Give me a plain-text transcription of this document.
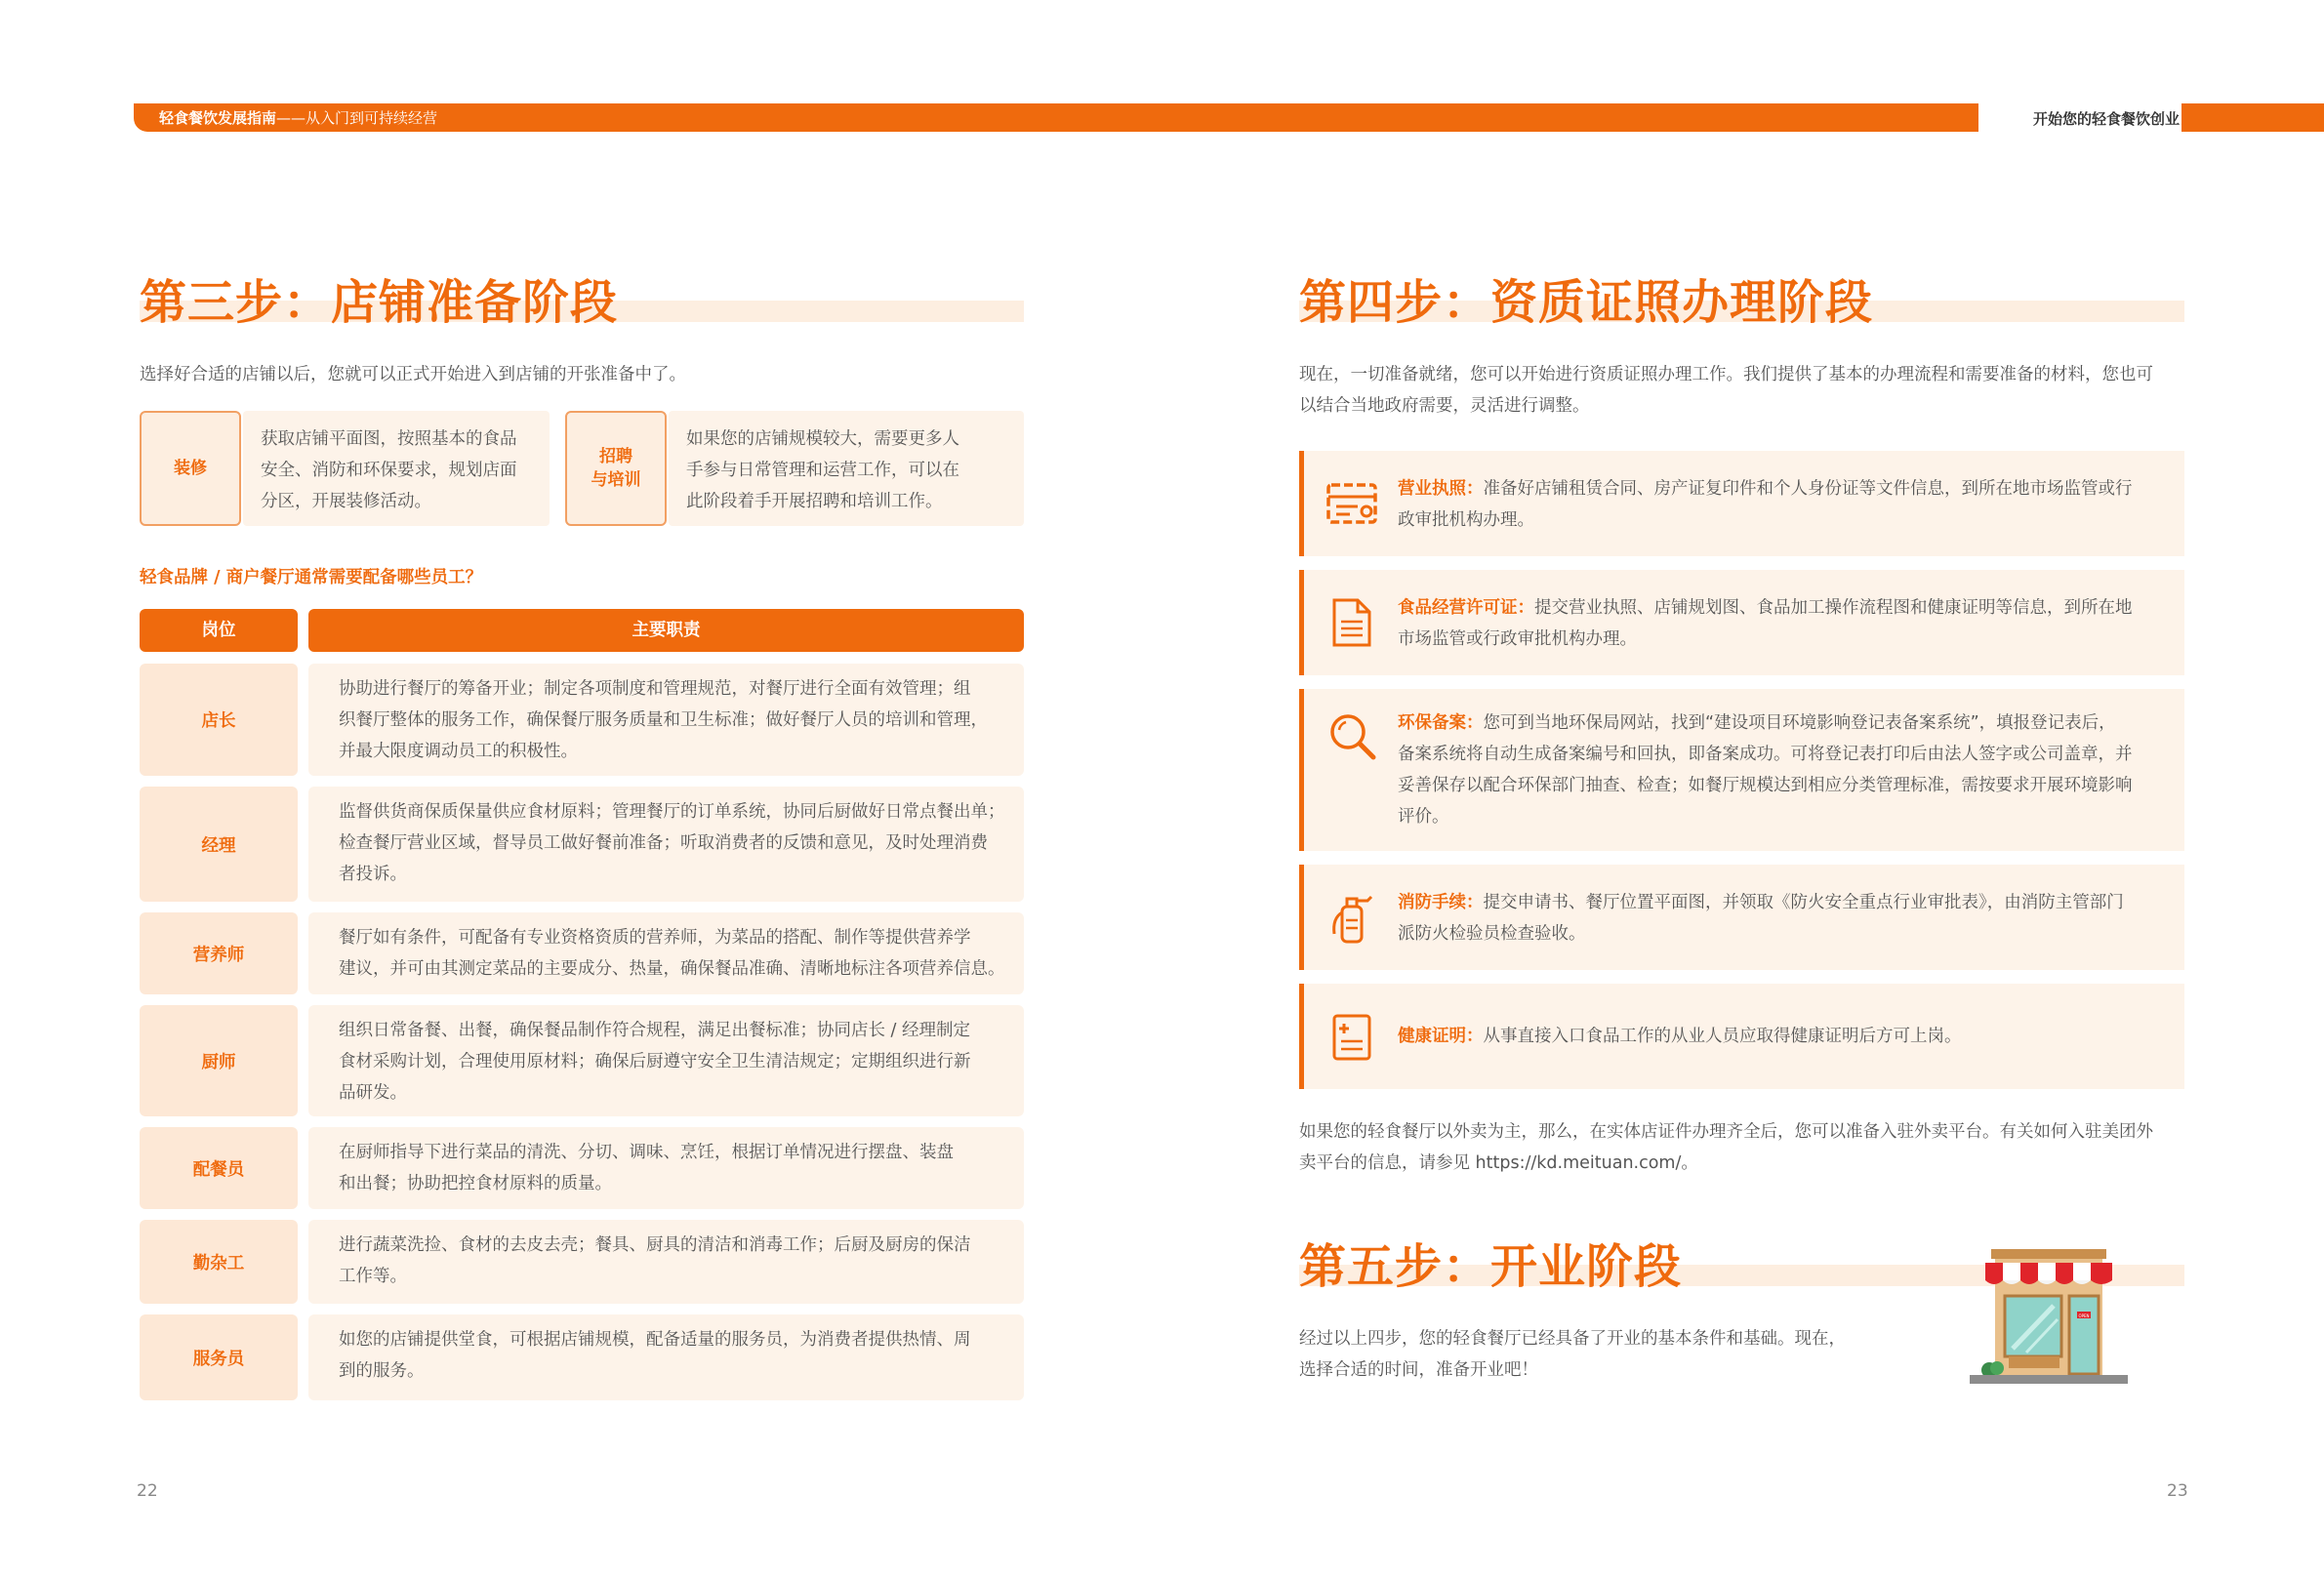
轻食餐饮发展指南——从入门到可持续经营	开始您的轻食餐饮创业
第三步：店铺准备阶段
选择好合适的店铺以后，您就可以正式开始进入到店铺的开张准备中了。
装修
获取店铺平面图，按照基本的食品
安全、消防和环保要求，规划店面
分区，开展装修活动。
招聘
与培训
如果您的店铺规模较大，需要更多人
手参与日常管理和运营工作，可以在
此阶段着手开展招聘和培训工作。
轻食品牌 / 商户餐厅通常需要配备哪些员工？
岗位	主要职责
店长
协助进行餐厅的筹备开业；制定各项制度和管理规范，对餐厅进行全面有效管理；组
织餐厅整体的服务工作，确保餐厅服务质量和卫生标准；做好餐厅人员的培训和管理，
并最大限度调动员工的积极性。
经理
监督供货商保质保量供应食材原料；管理餐厅的订单系统，协同后厨做好日常点餐出单；
检查餐厅营业区域，督导员工做好餐前准备；听取消费者的反馈和意见，及时处理消费
者投诉。
营养师
餐厅如有条件，可配备有专业资格资质的营养师，为菜品的搭配、制作等提供营养学
建议，并可由其测定菜品的主要成分、热量，确保餐品准确、清晰地标注各项营养信息。
厨师
组织日常备餐、出餐，确保餐品制作符合规程，满足出餐标准；协同店长 / 经理制定
食材采购计划，合理使用原材料；确保后厨遵守安全卫生清洁规定；定期组织进行新
品研发。
配餐员
在厨师指导下进行菜品的清洗、分切、调味、烹饪，根据订单情况进行摆盘、装盘
和出餐；协助把控食材原料的质量。
勤杂工
进行蔬菜洗捡、食材的去皮去壳；餐具、厨具的清洁和消毒工作；后厨及厨房的保洁
工作等。
服务员
如您的店铺提供堂食，可根据店铺规模，配备适量的服务员，为消费者提供热情、周
到的服务。
22
第四步：资质证照办理阶段
现在，一切准备就绪，您可以开始进行资质证照办理工作。我们提供了基本的办理流程和需要准备的材料，您也可
以结合当地政府需要，灵活进行调整。
营业执照：准备好店铺租赁合同、房产证复印件和个人身份证等文件信息，到所在地市场监管或行
政审批机构办理。
食品经营许可证：提交营业执照、店铺规划图、食品加工操作流程图和健康证明等信息，到所在地
市场监管或行政审批机构办理。
环保备案：您可到当地环保局网站，找到“建设项目环境影响登记表备案系统”，填报登记表后，
备案系统将自动生成备案编号和回执，即备案成功。可将登记表打印后由法人签字或公司盖章，并
妥善保存以配合环保部门抽查、检查；如餐厅规模达到相应分类管理标准，需按要求开展环境影响
评价。
消防手续：提交申请书、餐厅位置平面图，并领取《防火安全重点行业审批表》，由消防主管部门
派防火检验员检查验收。
健康证明：从事直接入口食品工作的从业人员应取得健康证明后方可上岗。
如果您的轻食餐厅以外卖为主，那么，在实体店证件办理齐全后，您可以准备入驻外卖平台。有关如何入驻美团外
卖平台的信息，请参见 https://kd.meituan.com/。
第五步：开业阶段
经过以上四步，您的轻食餐厅已经具备了开业的基本条件和基础。现在，
选择合适的时间，准备开业吧！
OPEN
23
